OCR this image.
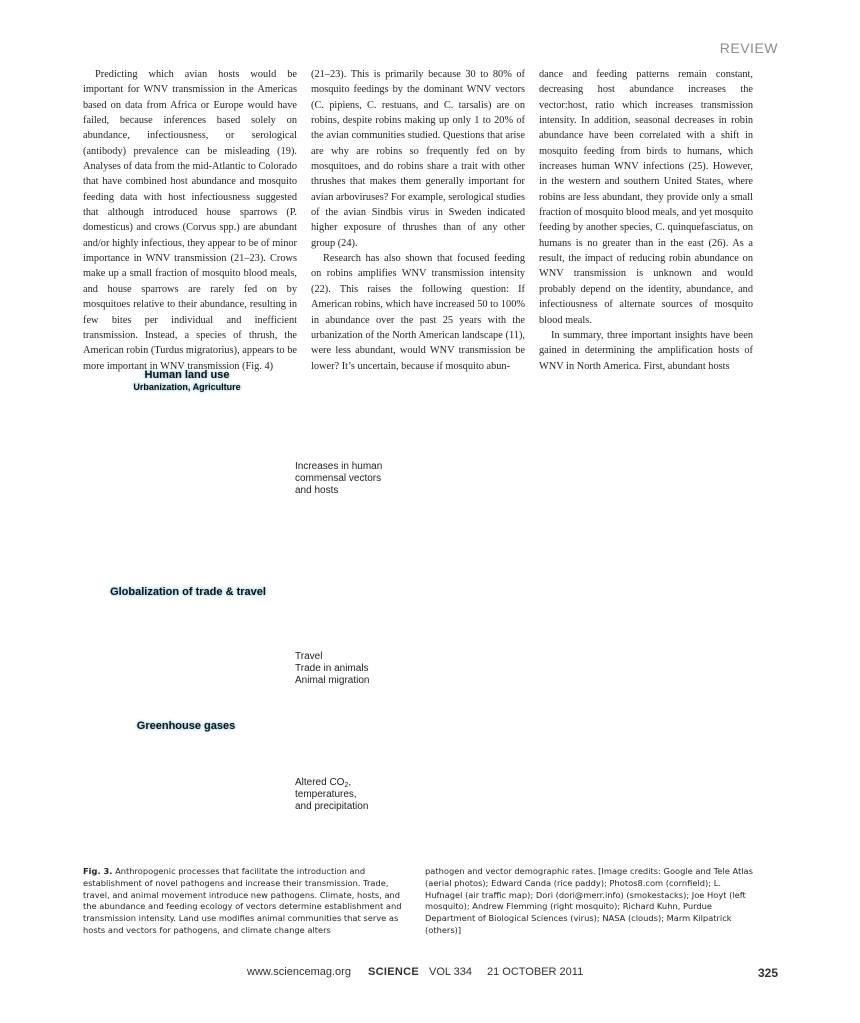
REVIEW

Predicting which avian hosts would be important for WNV transmission in the Americas based on data from Africa or Europe would have failed, because inferences based solely on abundance, infectiousness, or serological (antibody) prevalence can be misleading (19). Analyses of data from the mid-Atlantic to Colorado that have combined host abundance and mosquito feeding data with host infectiousness suggested that although introduced house sparrows (P. domesticus) and crows (Corvus spp.) are abundant and/or highly infectious, they appear to be of minor importance in WNV transmission (21–23). Crows make up a small fraction of mosquito blood meals, and house sparrows are rarely fed on by mosquitoes relative to their abundance, resulting in few bites per individual and inefficient transmission. Instead, a species of thrush, the American robin (Turdus migratorius), appears to be more important in WNV transmission (Fig. 4)

(21–23). This is primarily because 30 to 80% of mosquito feedings by the dominant WNV vectors (C. pipiens, C. restuans, and C. tarsalis) are on robins, despite robins making up only 1 to 20% of the avian communities studied. Questions that arise are why are robins so frequently fed on by mosquitoes, and do robins share a trait with other thrushes that makes them generally important for avian arboviruses? For example, serological studies of the avian Sindbis virus in Sweden indicated higher exposure of thrushes than of any other group (24).

Research has also shown that focused feeding on robins amplifies WNV transmission intensity (22). This raises the following question: If American robins, which have increased 50 to 100% in abundance over the past 25 years with the urbanization of the North American landscape (11), were less abundant, would WNV transmission be lower? It’s uncertain, because if mosquito abun-

dance and feeding patterns remain constant, decreasing host abundance increases the vector:host, ratio which increases transmission intensity. In addition, seasonal decreases in robin abundance have been correlated with a shift in mosquito feeding from birds to humans, which increases human WNV infections (25). However, in the western and southern United States, where robins are less abundant, they provide only a small fraction of mosquito blood meals, and yet mosquito feeding by another species, C. quinquefasciatus, on humans is no greater than in the east (26). As a result, the impact of reducing robin abundance on WNV transmission is unknown and would probably depend on the identity, abundance, and infectiousness of alternate sources of mosquito blood meals.

In summary, three important insights have been gained in determining the amplification hosts of WNV in North America. First, abundant hosts

Human land use
Urbanization, Agriculture
Increases in human
commensal vectors
and hosts
Globalization of trade & travel
Travel
Trade in animals
Animal migration
Greenhouse gases
Altered $CO_2$,
temperatures,
and precipitation
Fig. 3. Anthropogenic processes that facilitate the introduction and establishment of novel pathogens and increase their transmission. Trade, travel, and animal movement introduce new pathogens. Climate, hosts, and the abundance and feeding ecology of vectors determine establishment and transmission intensity. Land use modifies animal communities that serve as hosts and vectors for pathogens, and climate change alters
pathogen and vector demographic rates. [Image credits: Google and Tele Atlas (aerial photos); Edward Canda (rice paddy); Photos8.com (cornfield); L. Hufnagel (air traffic map); Dori (dori@merr.info) (smokestacks); Joe Hoyt (left mosquito); Andrew Flemming (right mosquito); Richard Kuhn, Purdue Department of Biological Sciences (virus); NASA (clouds); Marm Kilpatrick (others)]
www.sciencemag.org SCIENCE VOL 334 21 OCTOBER 2011	325
